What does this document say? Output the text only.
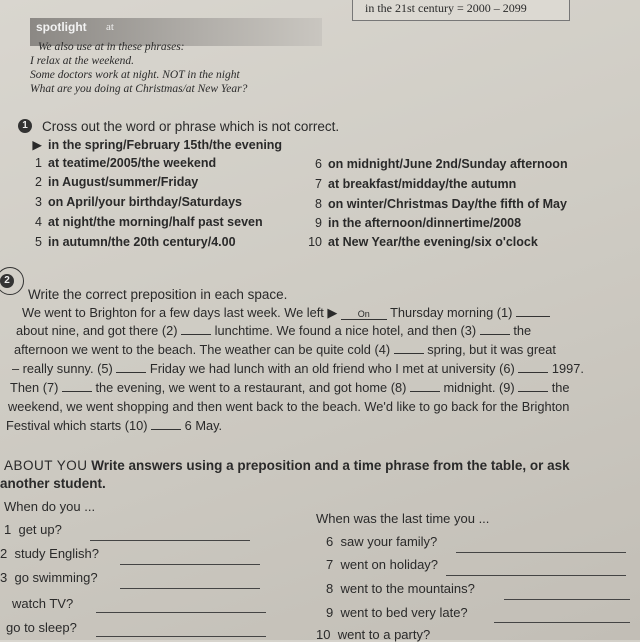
in the 21st century = 2000 – 2099
spotlight at
We also use at in these phrases:
I relax at the weekend.
Some doctors work at night. NOT in the night
What are you doing at Christmas/at New Year?
1	Cross out the word or phrase which is not correct.
▶ in the spring/February 15th/the evening
1 at teatime/2005/the weekend
2 in August/summer/Friday
3 on April/your birthday/Saturdays
4 at night/the morning/half past seven
5 in autumn/the 20th century/4.00
6 on midnight/June 2nd/Sunday afternoon
7 at breakfast/midday/the autumn
8 on winter/Christmas Day/the fifth of May
9 in the afternoon/dinnertime/2008
10 at New Year/the evening/six o'clock
2
Write the correct preposition in each space.
We went to Brighton for a few days last week. We left ▶ On Thursday morning (1)
about nine, and got there (2)	lunchtime. We found a nice hotel, and then (3)	the
afternoon we went to the beach. The weather can be quite cold (4)	spring, but it was great
– really sunny. (5)	Friday we had lunch with an old friend who I met at university (6)	1997.
Then (7)	the evening, we went to a restaurant, and got home (8)	midnight. (9)	the
weekend, we went shopping and then went back to the beach. We'd like to go back for the Brighton
Festival which starts (10)	6 May.
ABOUT YOU Write answers using a preposition and a time phrase from the table, or ask
another student.
When do you ...
When was the last time you ...
1 get up?
2 study English?
3 go swimming?
watch TV?
go to sleep?
6 saw your family?
7 went on holiday?
8 went to the mountains?
9 went to bed very late?
10 went to a party?
